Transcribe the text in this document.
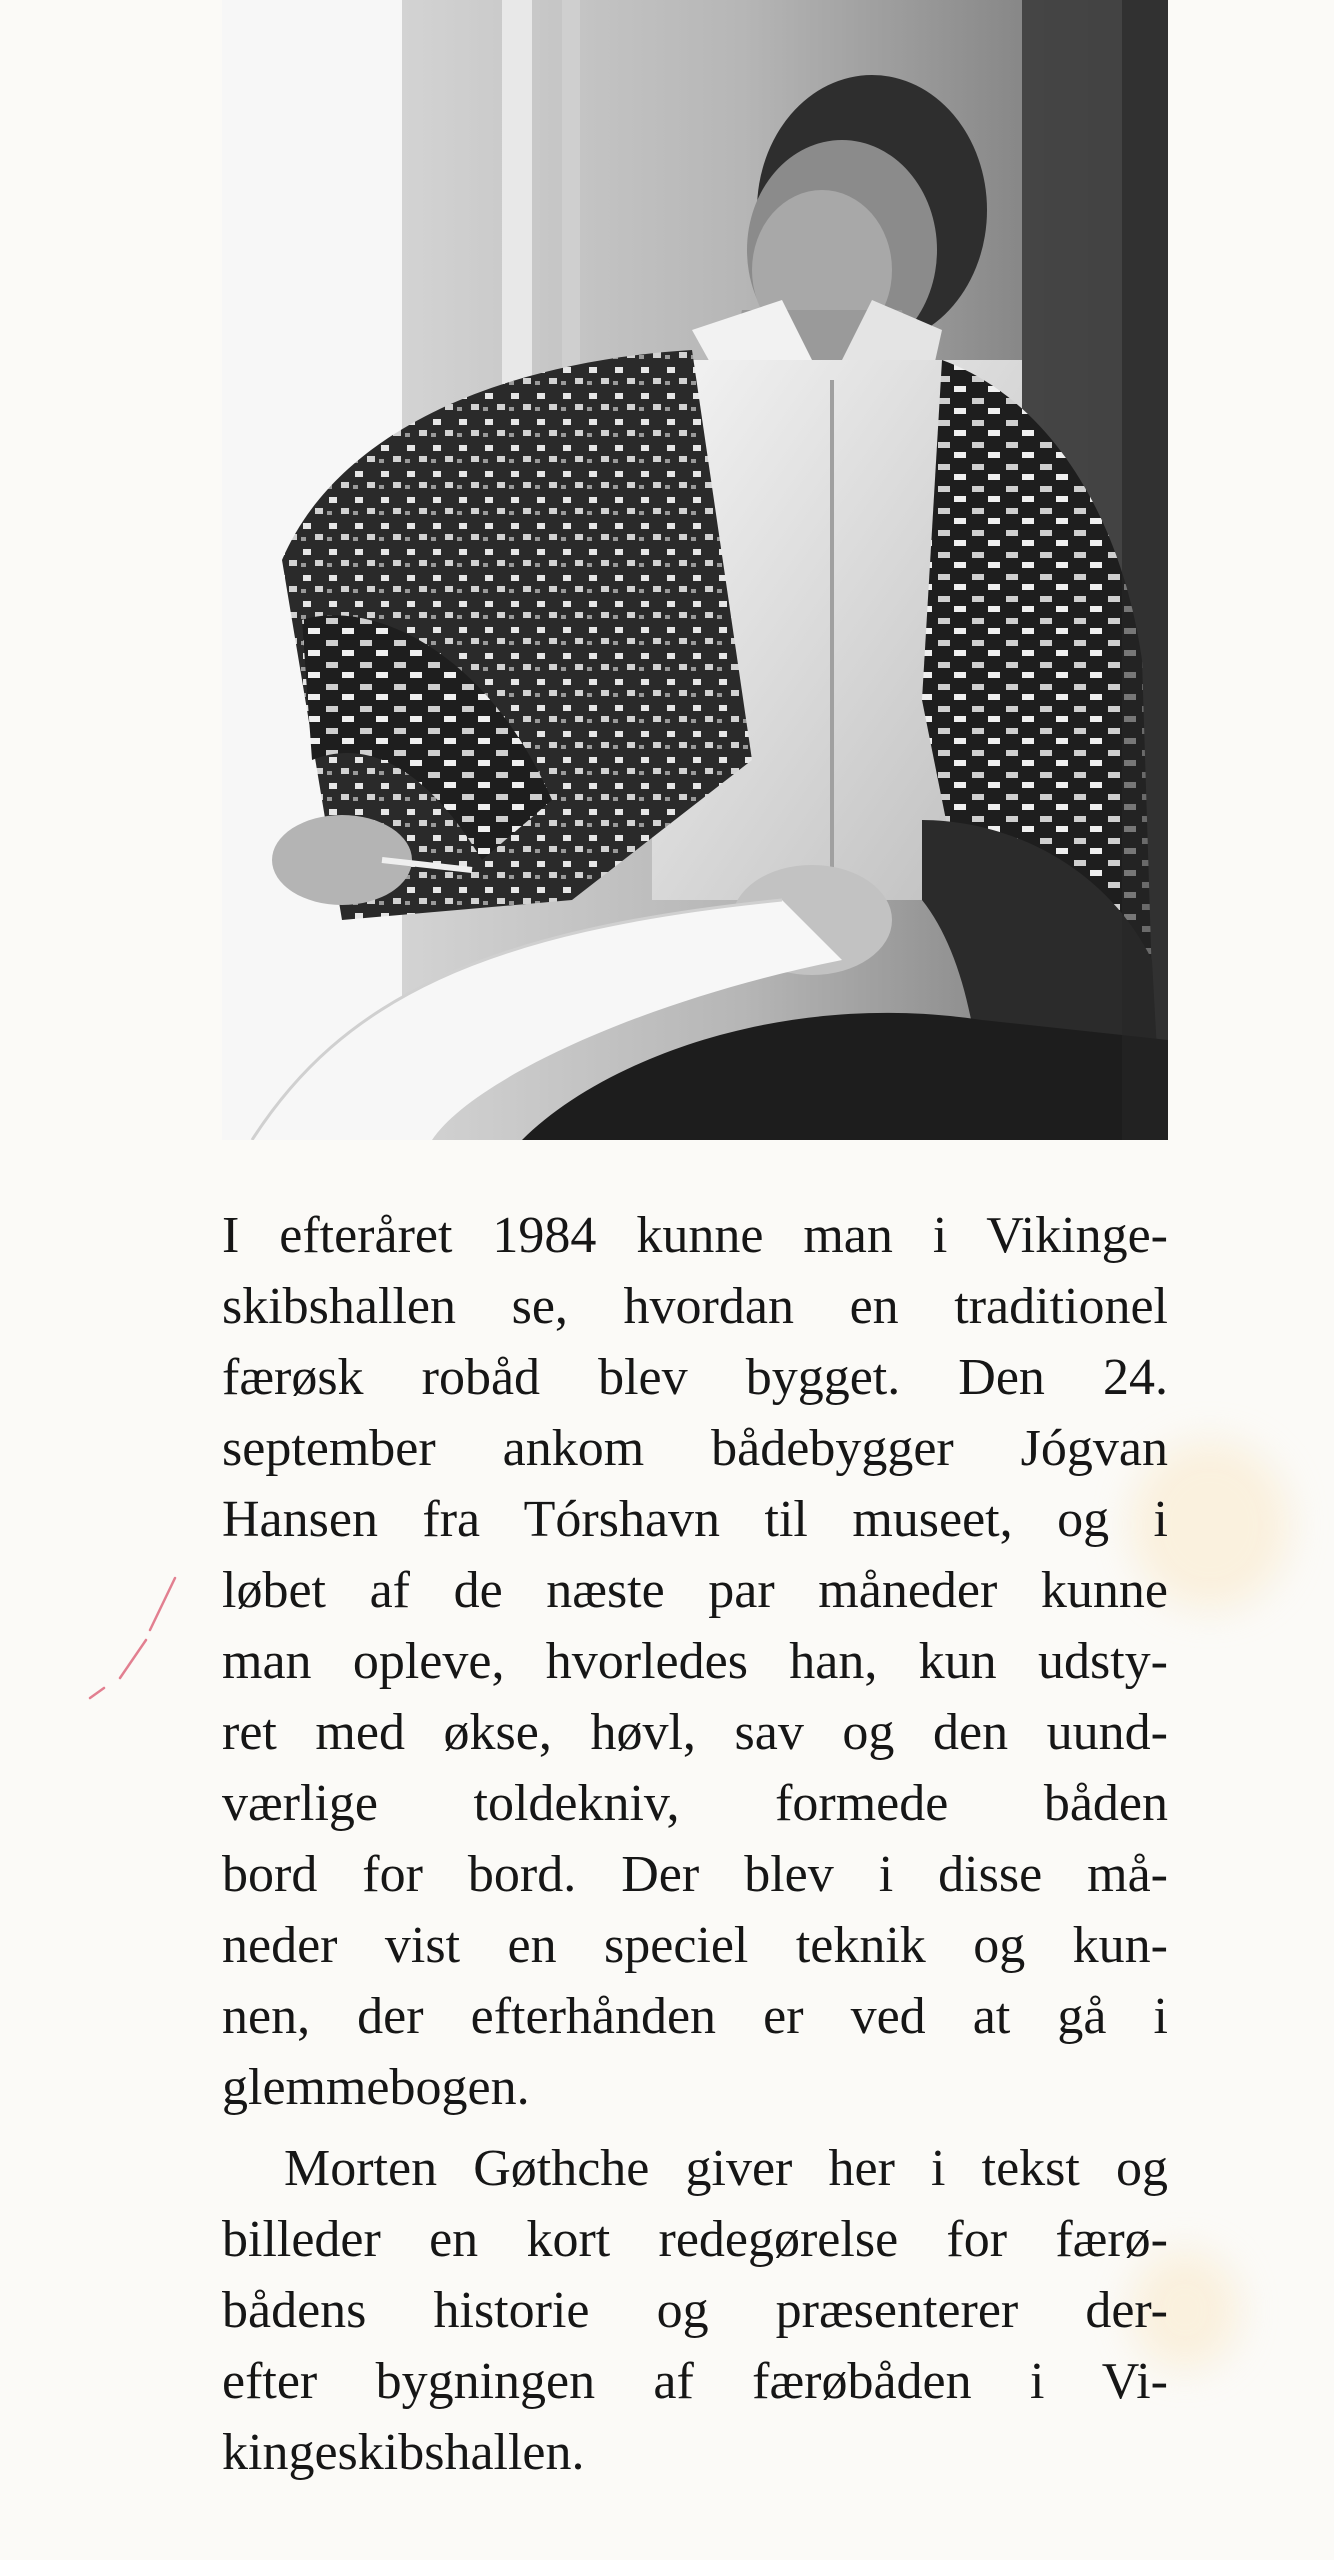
I efteråret 1984 kunne man i Vikinge-
skibshallen se, hvordan en traditionel
færøsk robåd blev bygget. Den 24.
september ankom bådebygger Jógvan
Hansen fra Tórshavn til museet, og i
løbet af de næste par måneder kunne
man opleve, hvorledes han, kun udsty-
ret med økse, høvl, sav og den uund-
værlige toldekniv, formede båden
bord for bord. Der blev i disse må-
neder vist en speciel teknik og kun-
nen, der efterhånden er ved at gå i
glemmebogen.

Morten Gøthche giver her i tekst og
billeder en kort redegørelse for færø-
bådens historie og præsenterer der-
efter bygningen af færøbåden i Vi-
kingeskibshallen.
